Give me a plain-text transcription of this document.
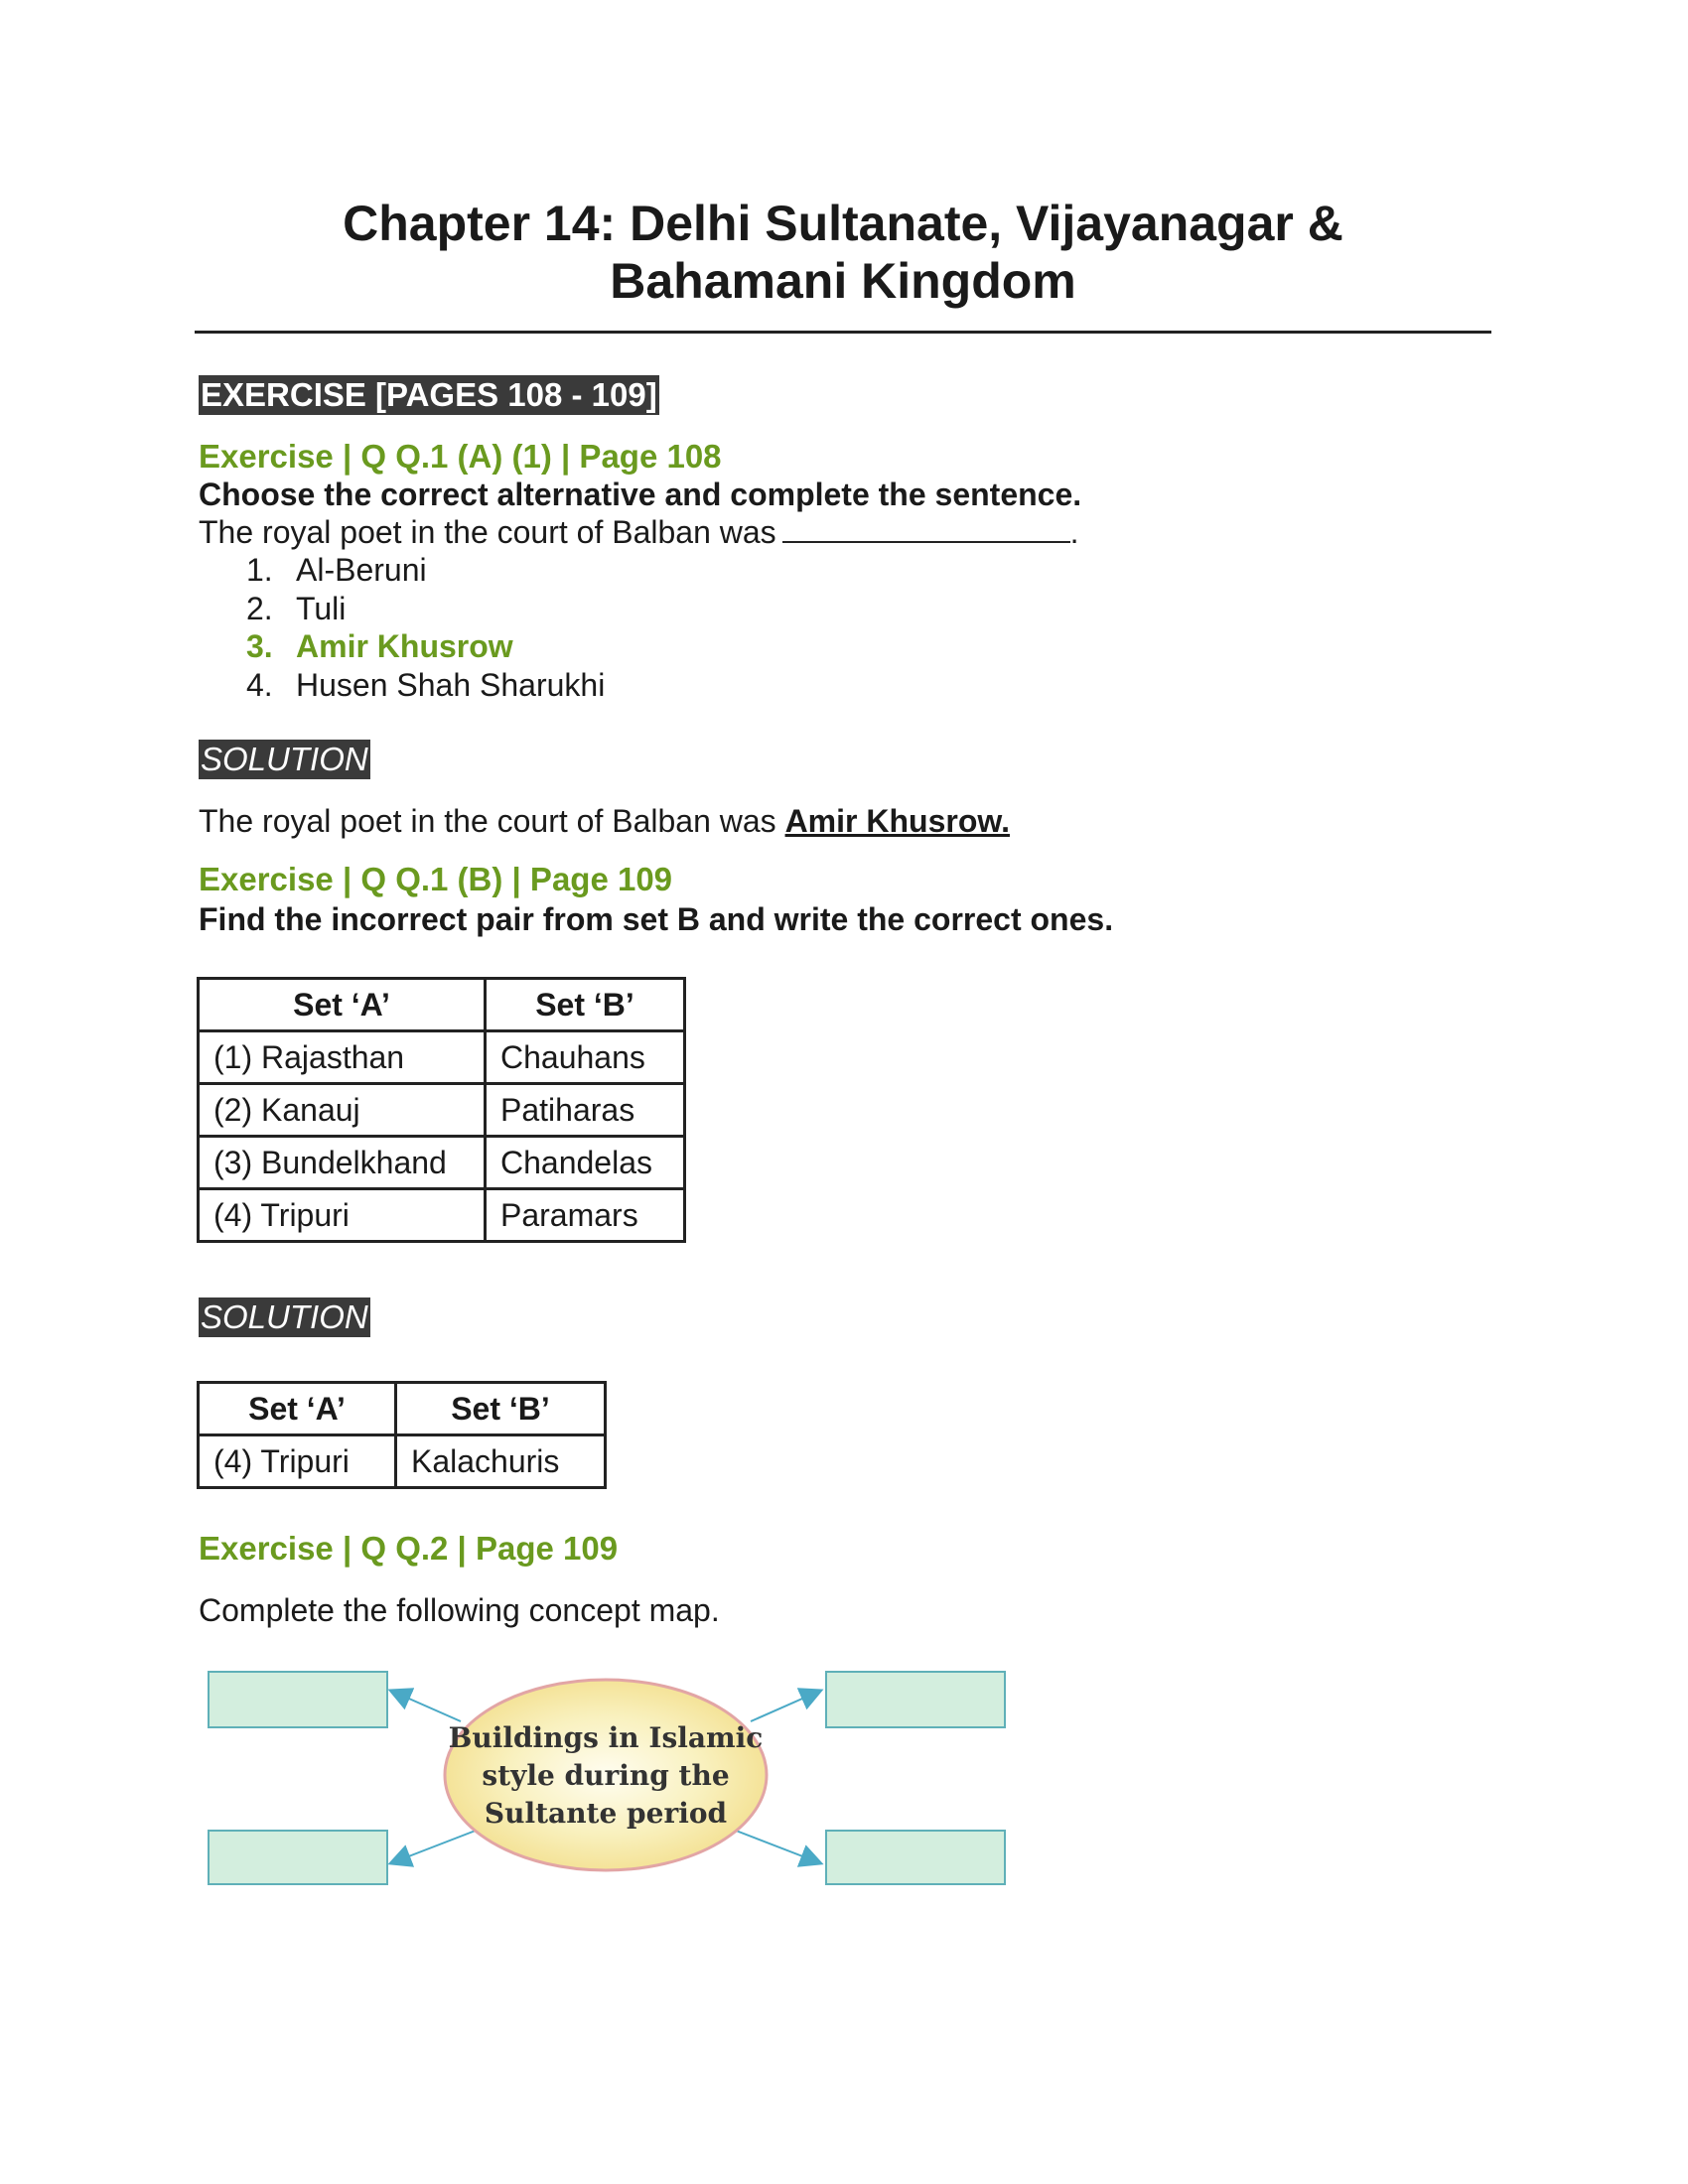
Chapter 14: Delhi Sultanate, Vijayanagar &
Bahamani Kingdom
EXERCISE [PAGES 108 - 109]
Exercise | Q Q.1 (A) (1) | Page 108
Choose the correct alternative and complete the sentence.
The royal poet in the court of Balban was	.
1. Al-Beruni
2. Tuli
3. Amir Khusrow
4. Husen Shah Sharukhi
SOLUTION
The royal poet in the court of Balban was Amir Khusrow.
Exercise | Q Q.1 (B) | Page 109
Find the incorrect pair from set B and write the correct ones.
Set ‘A’	Set ‘B’
(1) Rajasthan	Chauhans
(2) Kanauj	Patiharas
(3) Bundelkhand	Chandelas
(4) Tripuri	Paramars
SOLUTION
Set ‘A’	Set ‘B’
(4) Tripuri	Kalachuris
Exercise | Q Q.2 | Page 109
Complete the following concept map.
Buildings in Islamic
style during the
Sultante period
